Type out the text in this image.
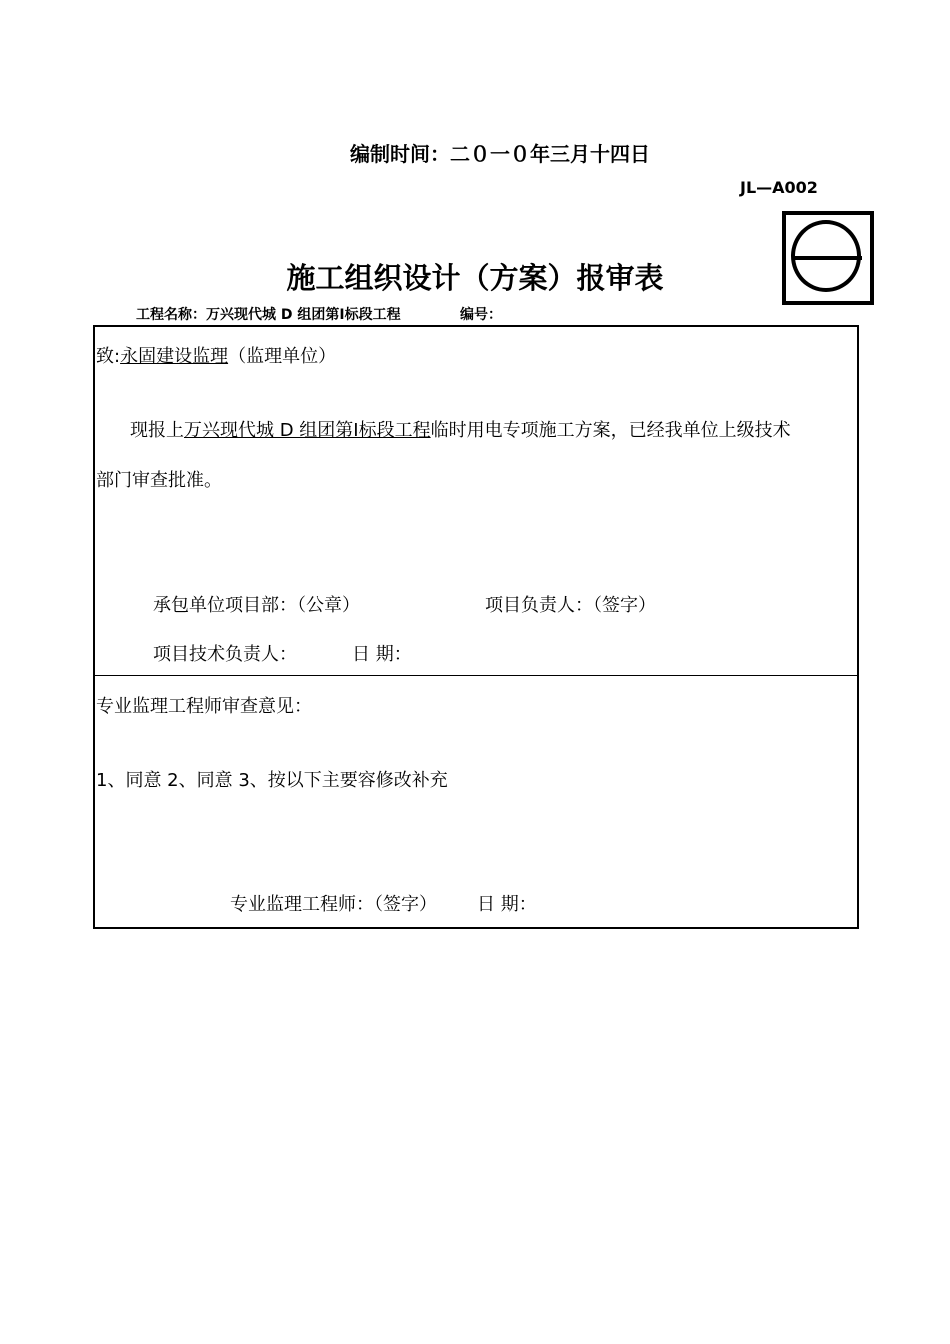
编制时间：二０一０年三月十四日
JL—A002
施工组织设计（方案）报审表
工程名称：万兴现代城 D 组团第Ⅰ标段工程	编号：
致:永固建设监理（监理单位）
现报上万兴现代城 D 组团第Ⅰ标段工程临时用电专项施工方案，已经我单位上级技术
部门审查批准。
承包单位项目部：（公章）	项目负责人：（签字）
项目技术负责人：	日 期：
专业监理工程师审查意见：
1、同意 2、同意 3、按以下主要容修改补充
专业监理工程师：（签字） 日 期：
